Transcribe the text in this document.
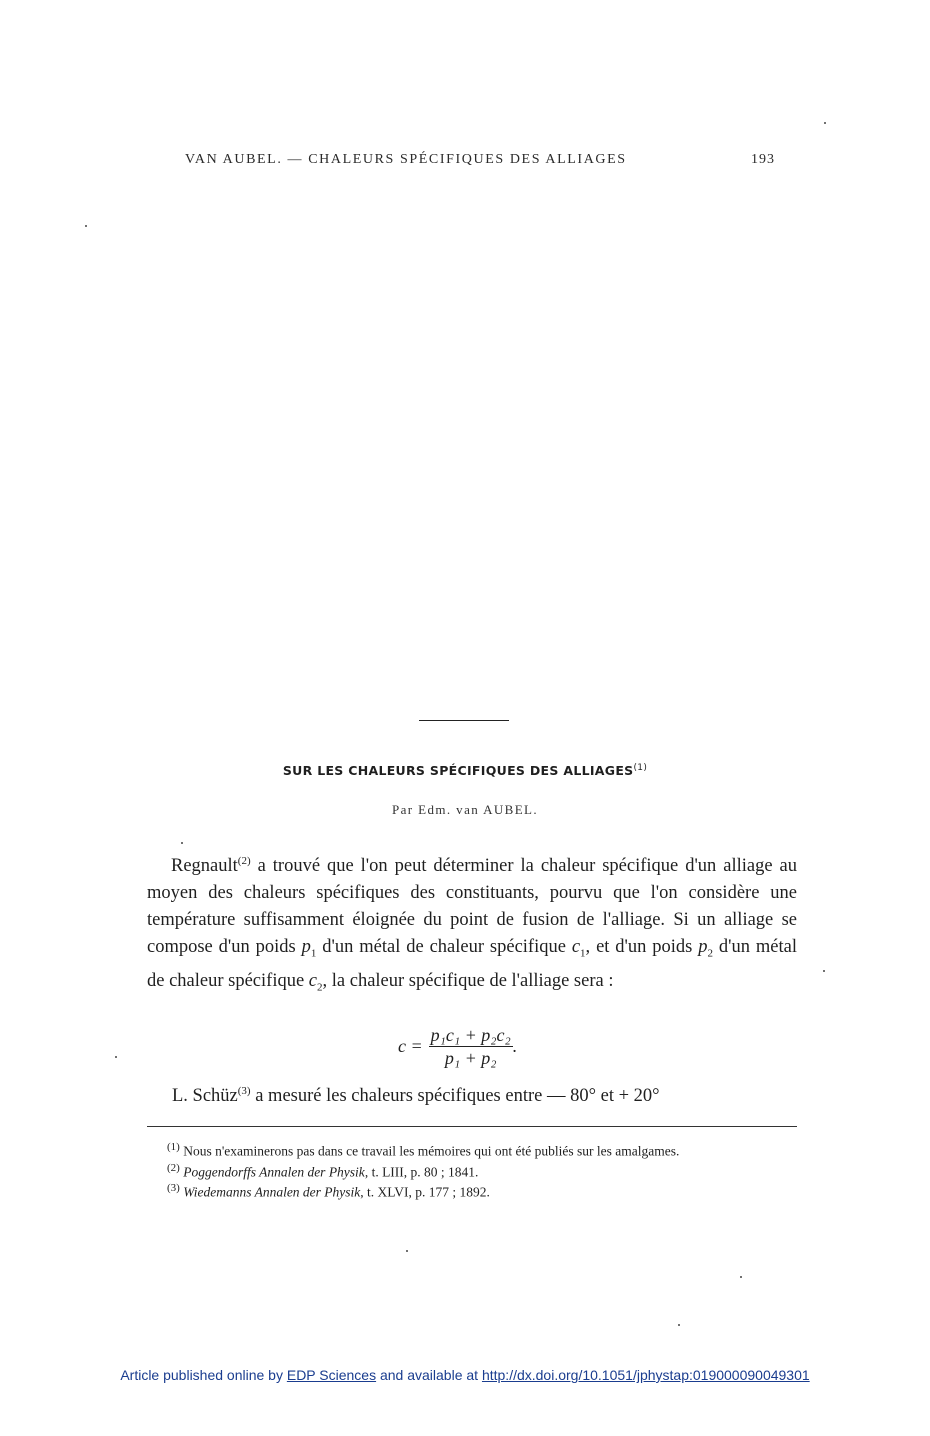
VAN AUBEL. — CHALEURS SPÉCIFIQUES DES ALLIAGES	193
SUR LES CHALEURS SPÉCIFIQUES DES ALLIAGES$^{(1)}$
Par Edm. van AUBEL.

Regnault$^{(2)}$ a trouvé que l'on peut déterminer la chaleur spécifique d'un alliage au moyen des chaleurs spécifiques des constituants, pourvu que l'on considère une température suffisamment éloignée du point de fusion de l'alliage. Si un alliage se compose d'un poids $p_1$ d'un métal de chaleur spécifique $c_1$, et d'un poids $p_2$ d'un métal de chaleur spécifique $c_2$, la chaleur spécifique de l'alliage sera :

$c = \frac{\text{p₁c₁ + p₂c₂}}{\text{p₁ + p₂}}$ .
L. Schüz$^{(3)}$ a mesuré les chaleurs spécifiques entre — 80° et + 20°

$^{(1)}$ Nous n'examinerons pas dans ce travail les mémoires qui ont été publiés sur les amalgames.

$^{(2)}$ Poggendorffs Annalen der Physik, t. LIII, p. 80 ; 1841.

$^{(3)}$ Wiedemanns Annalen der Physik, t. XLVI, p. 177 ; 1892.

Article published online by EDP Sciences and available at http://dx.doi.org/10.1051/jphystap:019000090049301
